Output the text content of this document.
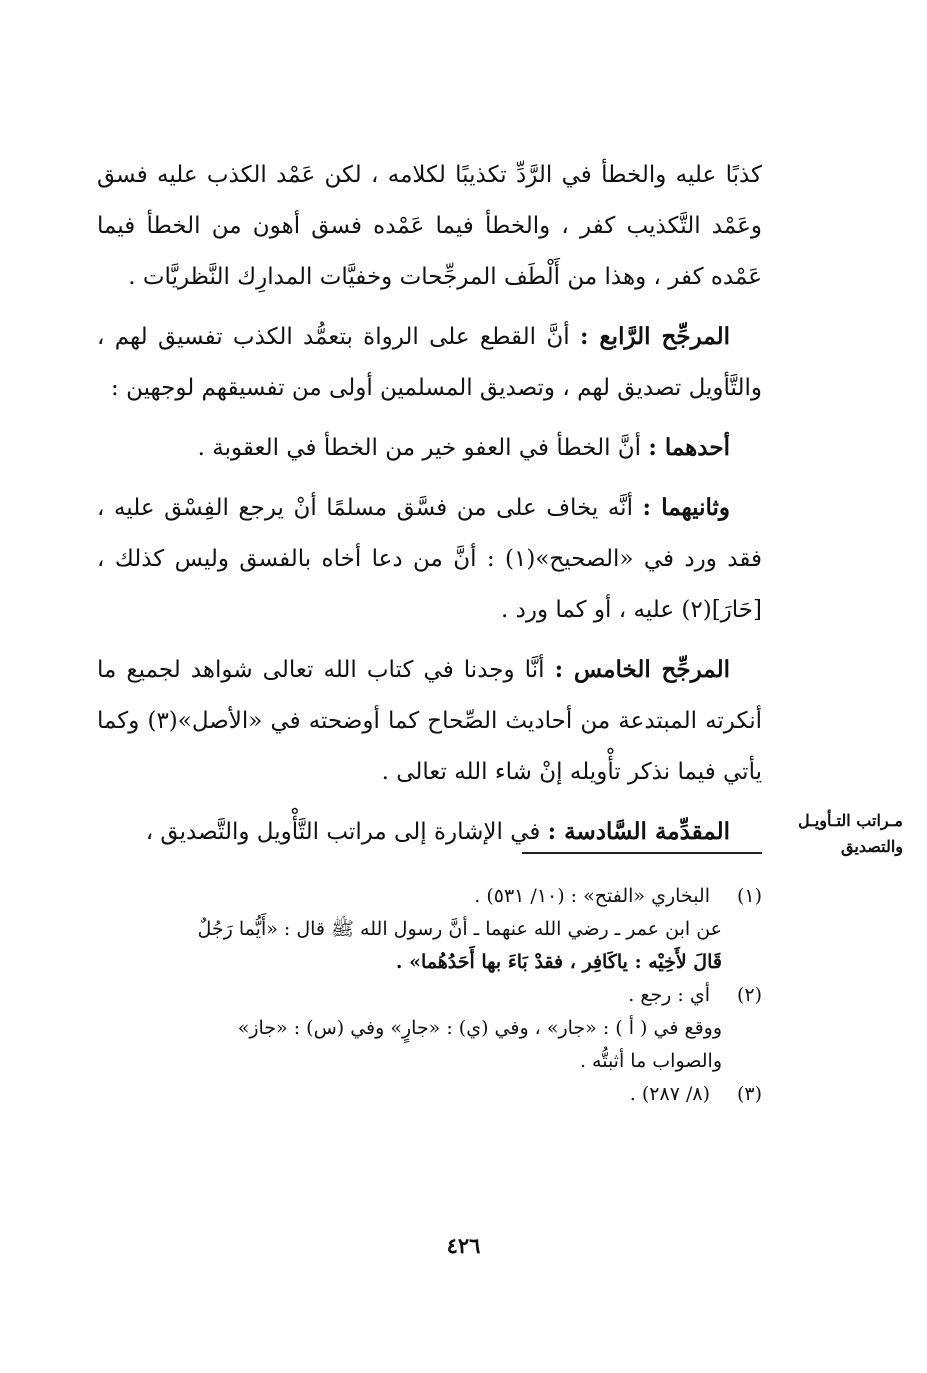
كذبًا عليه والخطأ في الرَّدِّ تكذيبًا لكلامه ، لكن عَمْد الكذب عليه فسق وعَمْد التَّكذيب كفر ، والخطأ فيما عَمْده فسق أهون من الخطأ فيما عَمْده كفر ، وهذا من أَلْطَف المرجِّحات وخفيَّات المدارِك النَّظريَّات .

المرجِّح الرَّابع : أنَّ القطع على الرواة بتعمُّد الكذب تفسيق لهم ، والتَّأويل تصديق لهم ، وتصديق المسلمين أولى من تفسيقهم لوجهين :

أحدهما : أنَّ الخطأ في العفو خير من الخطأ في العقوبة .

وثانيهما : أنَّه يخاف على من فسَّق مسلمًا أنْ يرجع الفِسْق عليه ، فقد ورد في «الصحيح»(١) : أنَّ من دعا أخاه بالفسق وليس كذلك ، [حَارَ](٢) عليه ، أو كما ورد .

المرجِّح الخامس : أنَّا وجدنا في كتاب الله تعالى شواهد لجميع ما أنكرته المبتدعة من أحاديث الصِّحاح كما أوضحته في «الأصل»(٣) وكما يأتي فيما نذكر تأْويله إنْ شاء الله تعالى .

المقدِّمة السَّادسة : في الإشارة إلى مراتب التَّأْويل والتَّصديق ،	مـراتب التـأويـل
والتصديق
(١)البخاري «الفتح» : (١٠/ ٥٣١) .
عن ابن عمر ـ رضي الله عنهما ـ أنَّ رسول الله ﷺ قال : «أَيُّما رَجُلٌ
قَالَ لأَخِيْه : ياكَافِر ، فقدْ بَاءَ بها أَحَدُهُما» .
(٢)أي : رجع .
ووقع في ( أ ) : «جار» ، وفي (ي) : «جارٍ» وفي (س) : «جاز»
والصواب ما أثبتُّه .
(٣)(٨/ ٢٨٧) .
٤٢٦
